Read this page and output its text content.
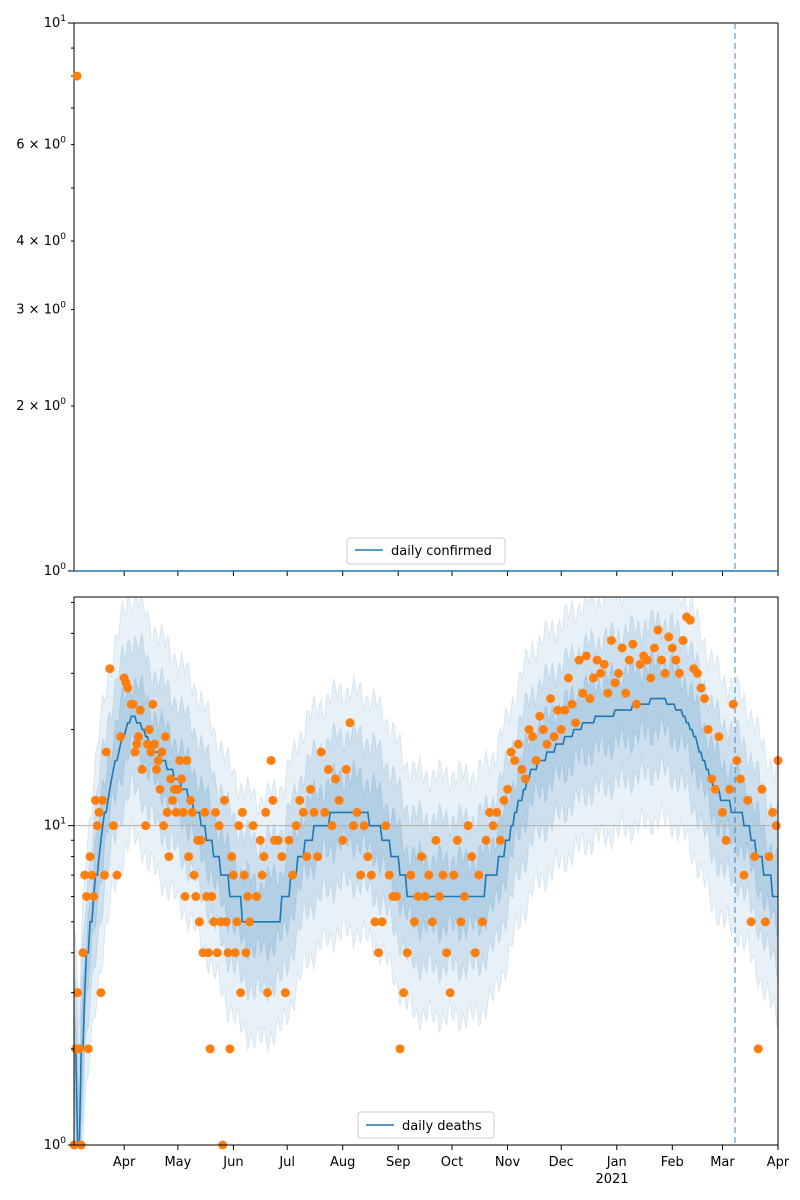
$10^0$
$10^1$
$2 \times 10^0$
$3 \times 10^0$
$4 \times 10^0$
$6 \times 10^0$
daily confirmed
$10^0$
$10^1$
Apr May Jun	Jul	Aug Sep Oct Nov Dec	Jan	Feb Mar Apr
2021
daily deaths
